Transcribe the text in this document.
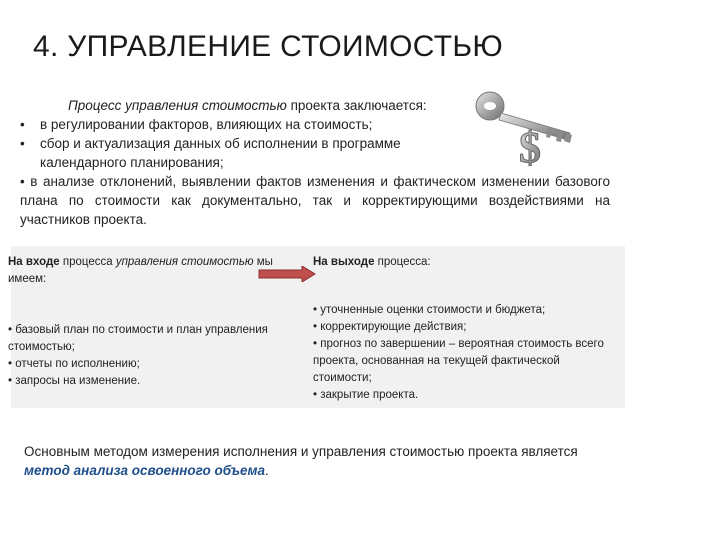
4. УПРАВЛЕНИЕ СТОИМОСТЬЮ
Процесс управления стоимостью проекта заключается:
•	в регулировании факторов, влияющих на стоимость;
•	сбор и актуализация данных об исполнении в программе
календарного планирования;
• в анализе отклонений, выявлении фактов изменения и фактическом изменении базового плана по стоимости как документально, так и корректирующими воздействиями на участников проекта.
$
На входе процесса управления стоимостью мы имеем:
• базовый план по стоимости и план управления стоимостью;
• отчеты по исполнению;
• запросы на изменение.
На выходе процесса:
• уточненные оценки стоимости и бюджета;
• корректирующие действия;
• прогноз по завершении – вероятная стоимость всего проекта, основанная на текущей фактической стоимости;
• закрытие проекта.
Основным методом измерения исполнения и управления стоимостью проекта является метод анализа освоенного объема.
